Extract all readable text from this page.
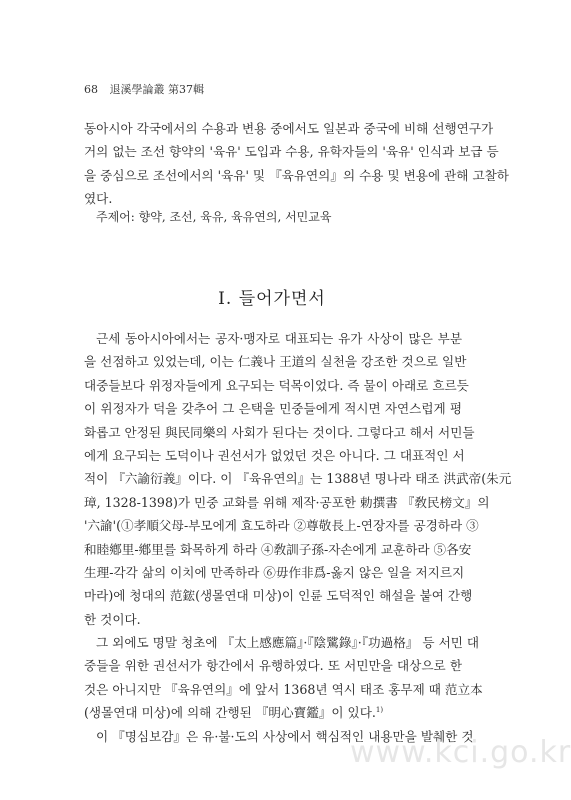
68 退溪學論叢 第37輯
동아시아 각국에서의 수용과 변용 중에서도 일본과 중국에 비해 선행연구가
거의 없는 조선 향약의 '육유' 도입과 수용, 유학자들의 '육유' 인식과 보급 등
을 중심으로 조선에서의 '육유' 및 『육유연의』의 수용 및 변용에 관해 고찰하
였다.
주제어: 향약, 조선, 육유, 육유연의, 서민교육
Ⅰ. 들어가면서
근세 동아시아에서는 공자·맹자로 대표되는 유가 사상이 많은 부분
을 선점하고 있었는데, 이는 仁義나 王道의 실천을 강조한 것으로 일반
대중들보다 위정자들에게 요구되는 덕목이었다. 즉 물이 아래로 흐르듯
이 위정자가 덕을 갖추어 그 은택을 민중들에게 적시면 자연스럽게 평
화롭고 안정된 與民同樂의 사회가 된다는 것이다. 그렇다고 해서 서민들
에게 요구되는 도덕이나 권선서가 없었던 것은 아니다. 그 대표적인 서
적이 『六諭衍義』이다. 이 『육유연의』는 1388년 명나라 태조 洪武帝(朱元
璋, 1328-1398)가 민중 교화를 위해 제작·공포한 勅撰書 『敎民榜文』의
'六諭'(①孝順父母-부모에게 효도하라 ②尊敬長上-연장자를 공경하라 ③
和睦鄕里-鄕里를 화목하게 하라 ④敎訓子孫-자손에게 교훈하라 ⑤各安
生理-각각 삶의 이치에 만족하라 ⑥毋作非爲-옳지 않은 일을 저지르지
마라)에 청대의 范鋐(생몰연대 미상)이 인륜 도덕적인 해설을 붙여 간행
한 것이다.
그 외에도 명말 청초에 『太上感應篇』·『陰騭錄』·『功過格』 등 서민 대
중들을 위한 권선서가 항간에서 유행하였다. 또 서민만을 대상으로 한
것은 아니지만 『육유연의』에 앞서 1368년 역시 태조 홍무제 때 范立本
(생몰연대 미상)에 의해 간행된 『明心寶鑑』이 있다.$^{1)}$
이 『명심보감』은 유·불·도의 사상에서 핵심적인 내용만을 발췌한 것
www.kci.go.kr
